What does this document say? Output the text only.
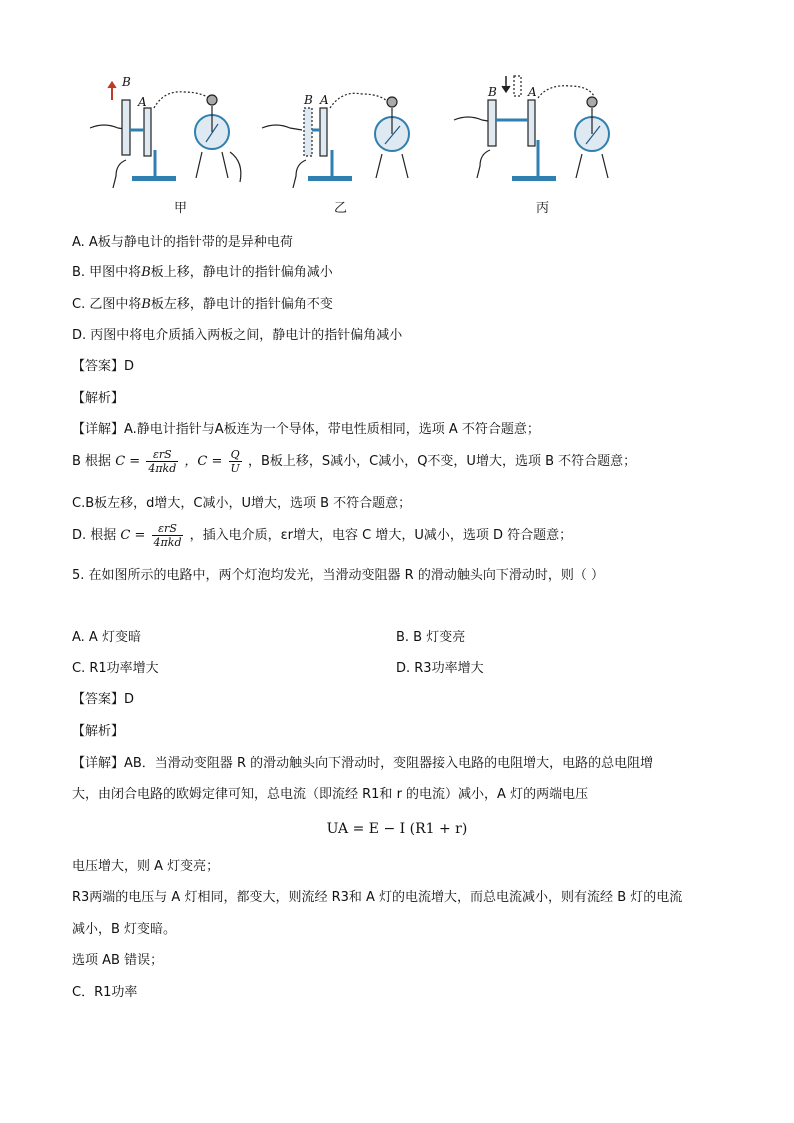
B
A	B A
B	A
甲	乙	丙
A. A板与静电计的指针带的是异种电荷
B. 甲图中将B板上移，静电计的指针偏角减小
C. 乙图中将B板左移，静电计的指针偏角不变
D. 丙图中将电介质插入两板之间，静电计的指针偏角减小
【答案】D
【解析】
【详解】A.静电计指针与A板连为一个导体，带电性质相同，选项 A 不符合题意；
B 根据 $C = \frac{\text{εrS}}{\text{4πkd}}$ ，$C = \frac{Q}{U}$ ，B板上移，S减小，C减小，Q不变，U增大，选项 B 不符合题意；
C.B板左移，d增大，C减小，U增大，选项 B 不符合题意；
D. 根据 $C = \frac{\text{εrS}}{\text{4πkd}}$ ，插入电介质，εr增大，电容 C 增大，U减小，选项 D 符合题意；
5. 在如图所示的电路中，两个灯泡均发光，当滑动变阻器 R 的滑动触头向下滑动时，则（ ）
A. A 灯变暗	B. B 灯变亮
C. R1功率增大	D. R3功率增大
【答案】D
【解析】
【详解】AB．当滑动变阻器 R 的滑动触头向下滑动时，变阻器接入电路的电阻增大，电路的总电阻增
大，由闭合电路的欧姆定律可知，总电流（即流经 R1和 r 的电流）减小，A 灯的两端电压
UA = E − I (R1 + r)
电压增大，则 A 灯变亮；
R3两端的电压与 A 灯相同，都变大，则流经 R3和 A 灯的电流增大，而总电流减小，则有流经 B 灯的电流
减小，B 灯变暗。
选项 AB 错误；
C．R1功率
